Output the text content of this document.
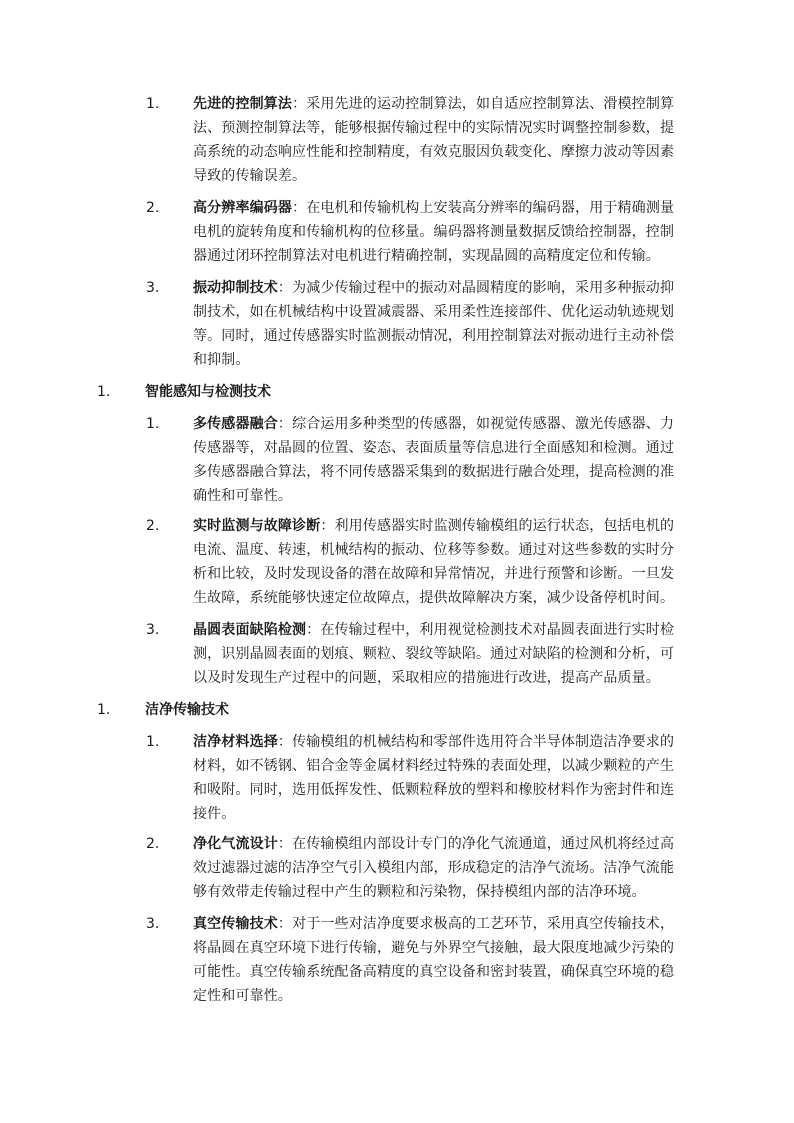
1. 先进的控制算法：采用先进的运动控制算法，如自适应控制算法、滑模控制算
法、预测控制算法等，能够根据传输过程中的实际情况实时调整控制参数，提
高系统的动态响应性能和控制精度，有效克服因负载变化、摩擦力波动等因素
导致的传输误差。
2. 高分辨率编码器：在电机和传输机构上安装高分辨率的编码器，用于精确测量
电机的旋转角度和传输机构的位移量。编码器将测量数据反馈给控制器，控制
器通过闭环控制算法对电机进行精确控制，实现晶圆的高精度定位和传输。
3. 振动抑制技术：为减少传输过程中的振动对晶圆精度的影响，采用多种振动抑
制技术，如在机械结构中设置减震器、采用柔性连接部件、优化运动轨迹规划
等。同时，通过传感器实时监测振动情况，利用控制算法对振动进行主动补偿
和抑制。
1. 智能感知与检测技术
1. 多传感器融合：综合运用多种类型的传感器，如视觉传感器、激光传感器、力
传感器等，对晶圆的位置、姿态、表面质量等信息进行全面感知和检测。通过
多传感器融合算法，将不同传感器采集到的数据进行融合处理，提高检测的准
确性和可靠性。
2. 实时监测与故障诊断：利用传感器实时监测传输模组的运行状态，包括电机的
电流、温度、转速，机械结构的振动、位移等参数。通过对这些参数的实时分
析和比较，及时发现设备的潜在故障和异常情况，并进行预警和诊断。一旦发
生故障，系统能够快速定位故障点，提供故障解决方案，减少设备停机时间。
3. 晶圆表面缺陷检测：在传输过程中，利用视觉检测技术对晶圆表面进行实时检
测，识别晶圆表面的划痕、颗粒、裂纹等缺陷。通过对缺陷的检测和分析，可
以及时发现生产过程中的问题，采取相应的措施进行改进，提高产品质量。
1. 洁净传输技术
1. 洁净材料选择：传输模组的机械结构和零部件选用符合半导体制造洁净要求的
材料，如不锈钢、铝合金等金属材料经过特殊的表面处理，以减少颗粒的产生
和吸附。同时，选用低挥发性、低颗粒释放的塑料和橡胶材料作为密封件和连
接件。
2. 净化气流设计：在传输模组内部设计专门的净化气流通道，通过风机将经过高
效过滤器过滤的洁净空气引入模组内部，形成稳定的洁净气流场。洁净气流能
够有效带走传输过程中产生的颗粒和污染物，保持模组内部的洁净环境。
3. 真空传输技术：对于一些对洁净度要求极高的工艺环节，采用真空传输技术，
将晶圆在真空环境下进行传输，避免与外界空气接触，最大限度地减少污染的
可能性。真空传输系统配备高精度的真空设备和密封装置，确保真空环境的稳
定性和可靠性。
